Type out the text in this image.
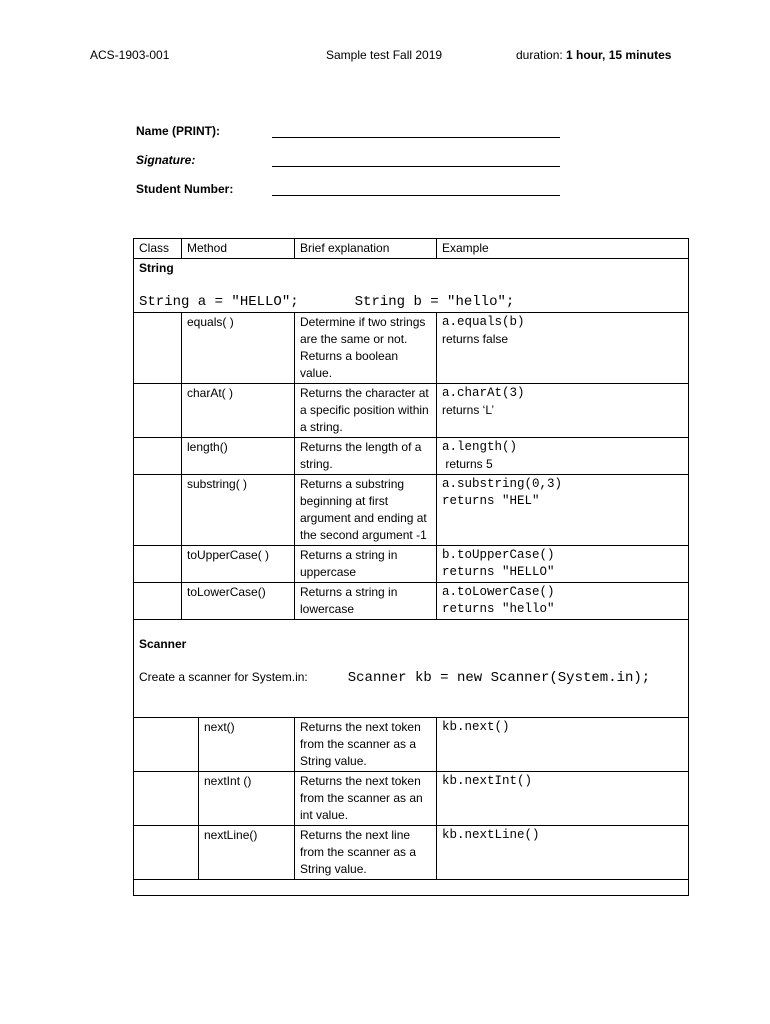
ACS-1903-001	Sample test Fall 2019	duration: 1 hour, 15 minutes
Name (PRINT):
Signature:
Student Number:
Class	Method		Brief explanation	Example

String
String a = "HELLO"; String b = "hello";				

	equals( )		Determine if two strings are the same or not. Returns a boolean value.	a.equals(b)
returns false

	charAt( )		Returns the character at a specific position within a string.	a.charAt(3)
returns ‘L’

	length()		Returns the length of a string.	a.length()
returns 5

	substring( )		Returns a substring beginning at first argument and ending at the second argument -1	a.substring(0,3)
returns "HEL"

	toUpperCase( )		Returns a string in uppercase	b.toUpperCase()
returns "HELLO"

	toLowerCase()		Returns a string in lowercase	a.toLowerCase()
returns "hello"

Scanner
Create a scanner for System.in: Scanner kb = new Scanner(System.in);				

		next()	Returns the next token from the scanner as a String value.	kb.next()

		nextInt ()	Returns the next token from the scanner as an int value.	kb.nextInt()

		nextLine()	Returns the next line from the scanner as a String value.	kb.nextLine()
